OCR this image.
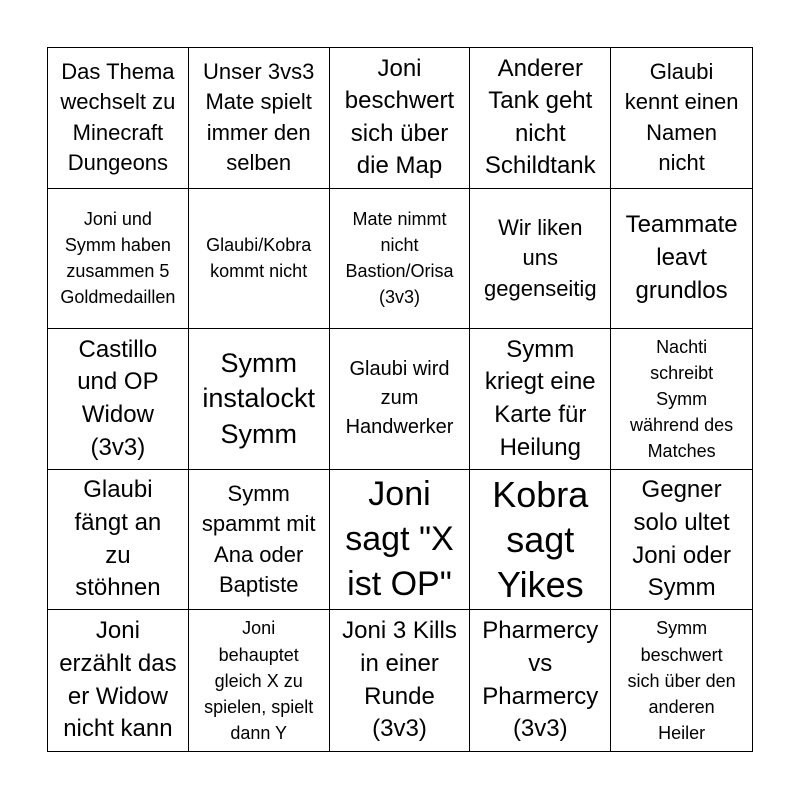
Das Thema
wechselt zu
Minecraft
Dungeons
Unser 3vs3
Mate spielt
immer den
selben
Joni
beschwert
sich über
die Map
Anderer
Tank geht
nicht
Schildtank
Glaubi
kennt einen
Namen
nicht
Joni und
Symm haben
zusammen 5
Goldmedaillen
Glaubi/Kobra
kommt nicht
Mate nimmt
nicht
Bastion/Orisa
(3v3)
Wir liken
uns
gegenseitig
Teammate
leavt
grundlos
Castillo
und OP
Widow
(3v3)
Symm
instalockt
Symm
Glaubi wird
zum
Handwerker
Symm
kriegt eine
Karte für
Heilung
Nachti
schreibt
Symm
während des
Matches
Glaubi
fängt an
zu
stöhnen
Symm
spammt mit
Ana oder
Baptiste
Joni
sagt "X
ist OP"
Kobra
sagt
Yikes
Gegner
solo ultet
Joni oder
Symm
Joni
erzählt das
er Widow
nicht kann
Joni
behauptet
gleich X zu
spielen, spielt
dann Y
Joni 3 Kills
in einer
Runde
(3v3)
Pharmercy
vs
Pharmercy
(3v3)
Symm
beschwert
sich über den
anderen
Heiler
